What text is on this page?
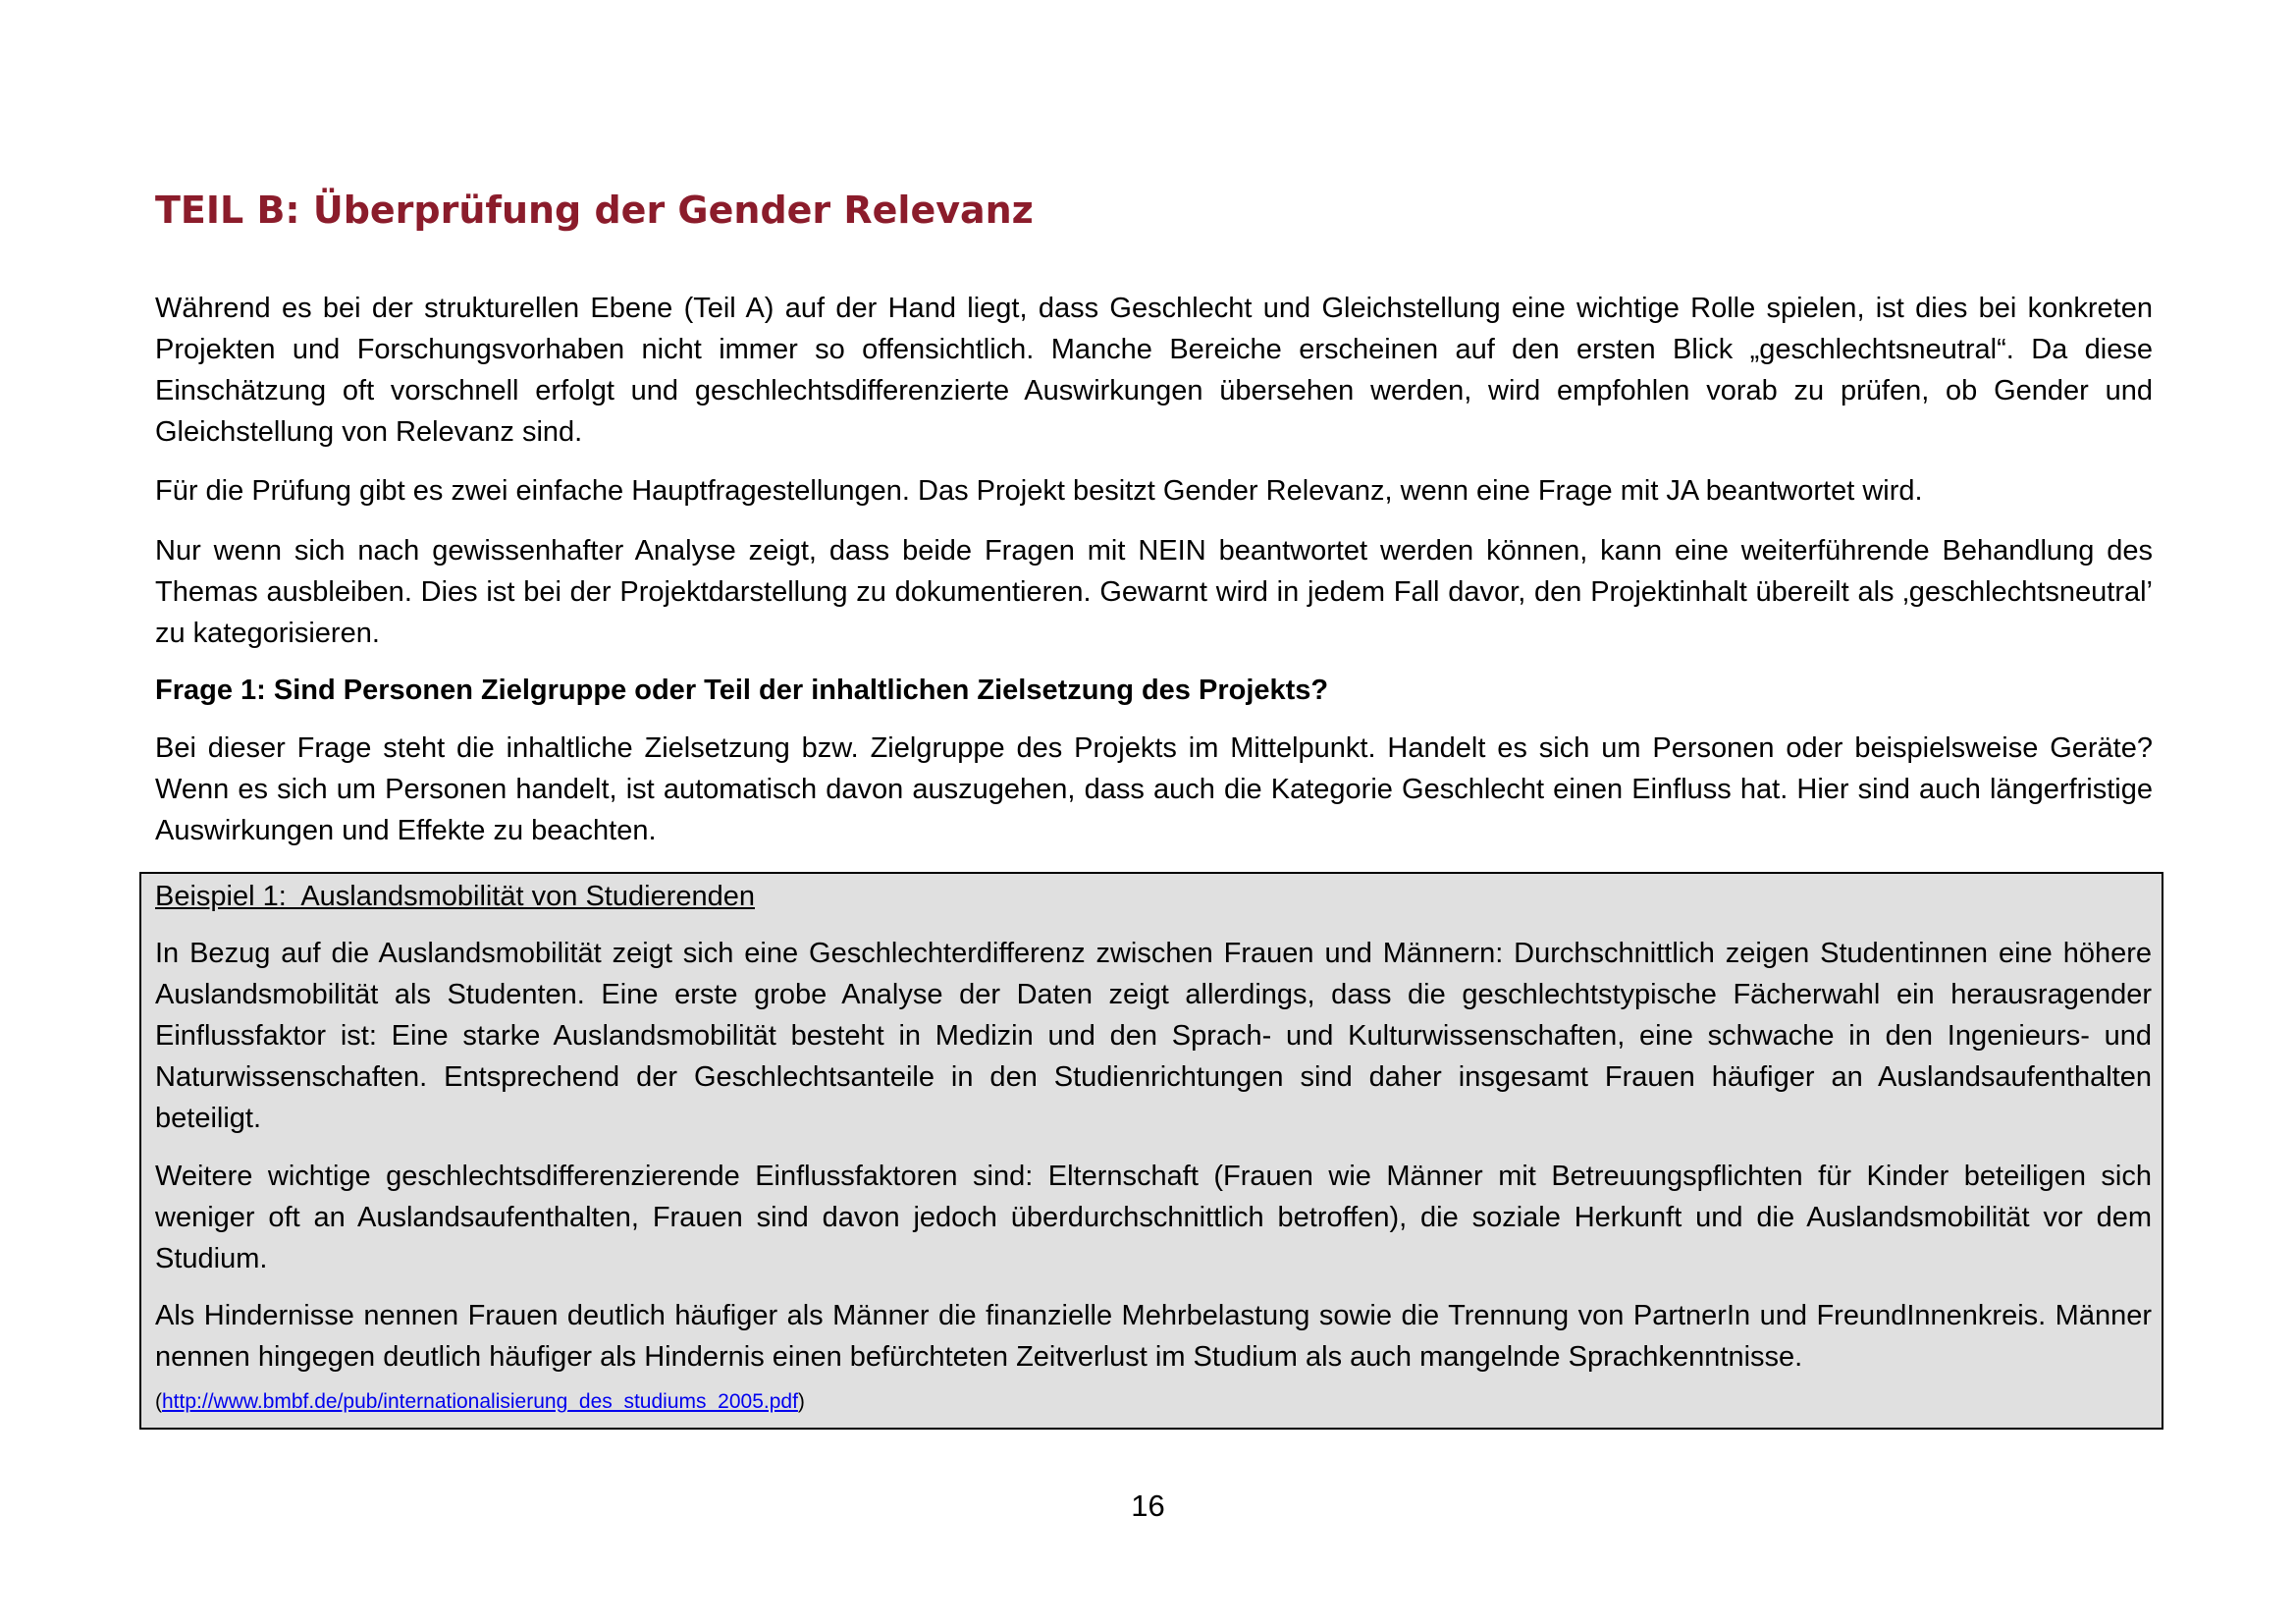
TEIL B: Überprüfung der Gender Relevanz

Während es bei der strukturellen Ebene (Teil A) auf der Hand liegt, dass Geschlecht und Gleichstellung eine wichtige Rolle spielen, ist dies bei konkreten Projekten und Forschungsvorhaben nicht immer so offensichtlich. Manche Bereiche erscheinen auf den ersten Blick „geschlechtsneutral“. Da diese Einschätzung oft vorschnell erfolgt und geschlechtsdifferenzierte Auswirkungen übersehen werden, wird empfohlen vorab zu prüfen, ob Gender und Gleichstellung von Relevanz sind.

Für die Prüfung gibt es zwei einfache Hauptfragestellungen. Das Projekt besitzt Gender Relevanz, wenn eine Frage mit JA beantwortet wird.

Nur wenn sich nach gewissenhafter Analyse zeigt, dass beide Fragen mit NEIN beantwortet werden können, kann eine weiterführende Behandlung des Themas ausbleiben. Dies ist bei der Projektdarstellung zu dokumentieren. Gewarnt wird in jedem Fall davor, den Projektinhalt übereilt als ‚geschlechtsneutral’ zu kategorisieren.

Frage 1: Sind Personen Zielgruppe oder Teil der inhaltlichen Zielsetzung des Projekts?

Bei dieser Frage steht die inhaltliche Zielsetzung bzw. Zielgruppe des Projekts im Mittelpunkt. Handelt es sich um Personen oder beispielsweise Geräte? Wenn es sich um Personen handelt, ist automatisch davon auszugehen, dass auch die Kategorie Geschlecht einen Einfluss hat. Hier sind auch längerfristige Auswirkungen und Effekte zu beachten.

Beispiel 1:  Auslandsmobilität von Studierenden

In Bezug auf die Auslandsmobilität zeigt sich eine Geschlechterdifferenz zwischen Frauen und Männern: Durchschnittlich zeigen Studentinnen eine höhere Auslandsmobilität als Studenten. Eine erste grobe Analyse der Daten zeigt allerdings, dass die geschlechtstypische Fächerwahl ein herausragender Einflussfaktor ist: Eine starke Auslandsmobilität besteht in Medizin und den Sprach- und Kulturwissenschaften, eine schwache in den Ingenieurs- und Naturwissenschaften. Entsprechend der Geschlechtsanteile in den Studienrichtungen sind daher insgesamt Frauen häufiger an Auslandsaufenthalten beteiligt.

Weitere wichtige geschlechtsdifferenzierende Einflussfaktoren sind: Elternschaft (Frauen wie Männer mit Betreuungspflichten für Kinder beteiligen sich weniger oft an Auslandsaufenthalten, Frauen sind davon jedoch überdurchschnittlich betroffen), die soziale Herkunft und die Auslandsmobilität vor dem Studium.

Als Hindernisse nennen Frauen deutlich häufiger als Männer die finanzielle Mehrbelastung sowie die Trennung von PartnerIn und FreundInnenkreis. Männer nennen hingegen deutlich häufiger als Hindernis einen befürchteten Zeitverlust im Studium als auch mangelnde Sprachkenntnisse.

(http://www.bmbf.de/pub/internationalisierung_des_studiums_2005.pdf)

16
